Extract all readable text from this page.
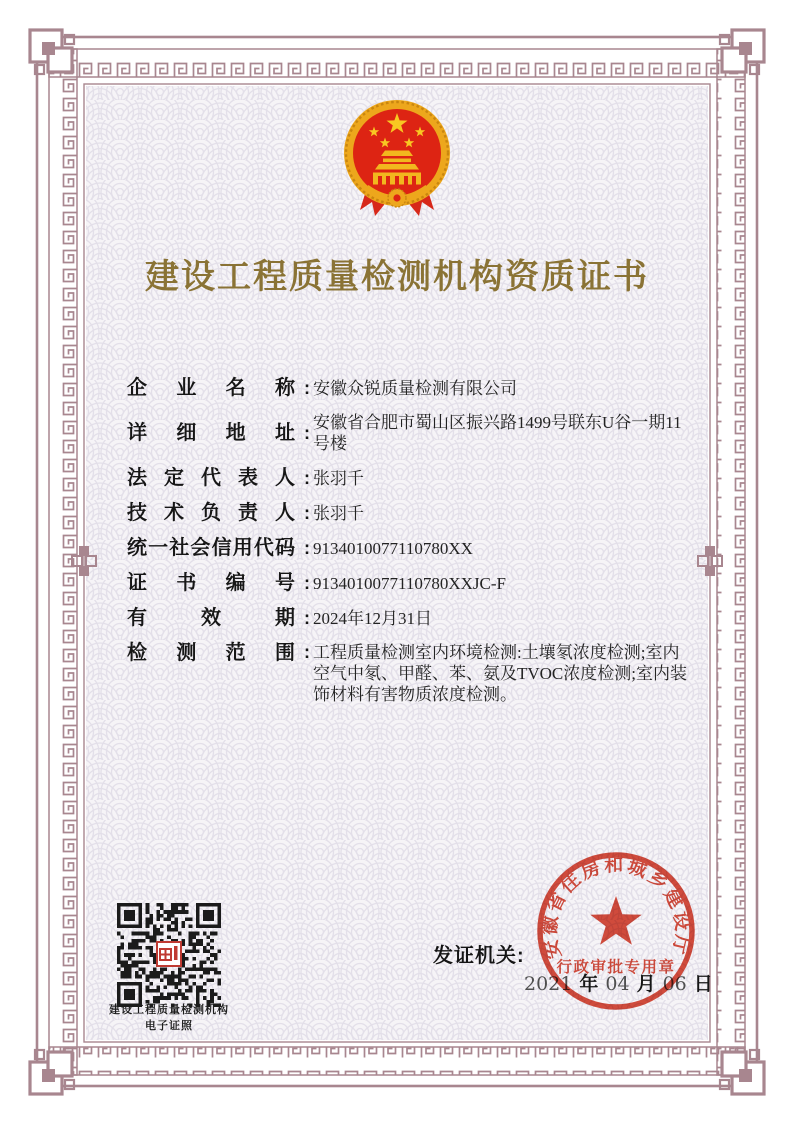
建设工程质量检测机构资质证书
企业名称 : 安徽众锐质量检测有限公司
详细地址 : 安徽省合肥市蜀山区振兴路1499号联东U谷一期11号楼
法定代表人 : 张羽千
技术负责人 : 张羽千
统一社会信用代码 : 9134010077110780XX
证书编号 : 9134010077110780XXJC-F
有效期 : 2024年12月31日
检测范围 : 工程质量检测室内环境检测:土壤氡浓度检测;室内空气中氡、甲醛、苯、氨及TVOC浓度检测;室内装饰材料有害物质浓度检测。
建设工程质量检测机构
电子证照
发证机关:
2021 年 04 月 06 日
安徽省住房和城乡建设厅
行政审批专用章
